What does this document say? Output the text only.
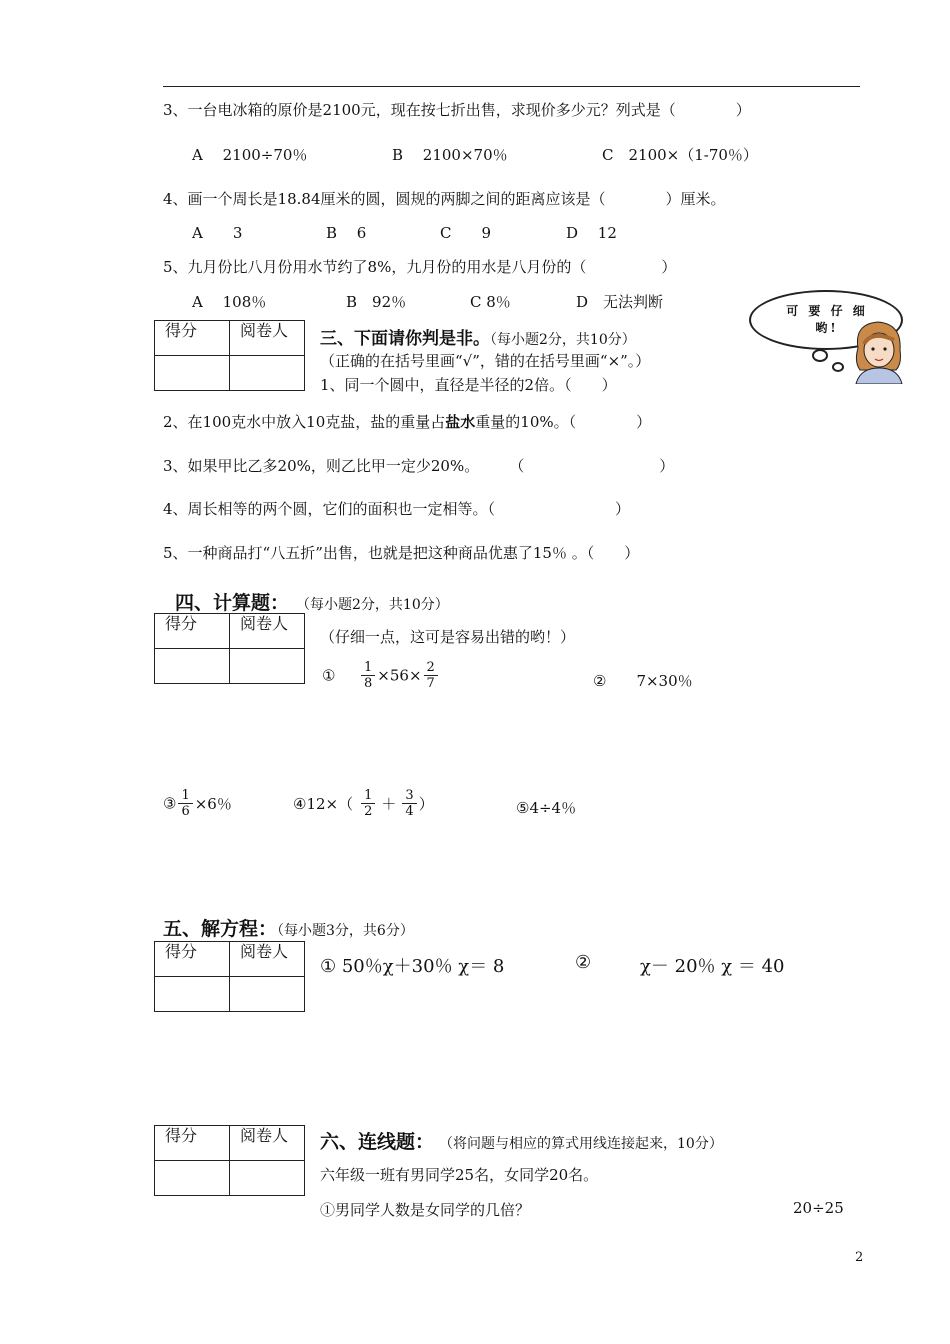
3、一台电冰箱的原价是2100元，现在按七折出售，求现价多少元？列式是（　　　　）
A　 2100÷70％	B　 2100×70％	C　2100×（1-70％）
4、画一个周长是18.84厘米的圆，圆规的两脚之间的距离应该是（　　　　）厘米。
A　　3	B　 6	C　　9	D　 12
5、九月份比八月份用水节约了8%，九月份的用水是八月份的（　　　　　）
A　 108％	B　92％	C 8％	D　无法判断	可 要 仔 细 哟!
得分	阅卷人
	三、下面请你判是非。（每小题2分，共10分）
（正确的在括号里画“√”，错的在括号里画“×”。）
1、同一个圆中，直径是半径的2倍。（　　）
2、在100克水中放入10克盐，盐的重量占盐水重量的10%。（　　　　）
3、如果甲比乙多20%，则乙比甲一定少20%。　　　（　　　　　　　　　）
4、周长相等的两个圆，它们的面积也一定相等。（　　　　　　　　）
5、一种商品打“八五折”出售，也就是把这种商品优惠了15％ 。（　　）
四、计算题： （每小题2分，共10分）
得分	阅卷人

（仔细一点，这可是容易出错的哟！）
① $\frac{1}{8} \times 56\times \frac{2}{7}$	②　　7×30％
③ $\frac{1}{6} \times 6$％	④12×（ $\frac{1}{2} + \frac{3}{4}$ ）	⑤4÷4％
五、解方程：（每小题3分，共6分）
得分	阅卷人

① 50％χ＋30％ χ＝ 8	②	χ－ 20％ χ ＝ 40
得分	阅卷人
	六、连线题： （将问题与相应的算式用线连接起来，10分）
六年级一班有男同学25名，女同学20名。
①男同学人数是女同学的几倍？	20÷25
2
